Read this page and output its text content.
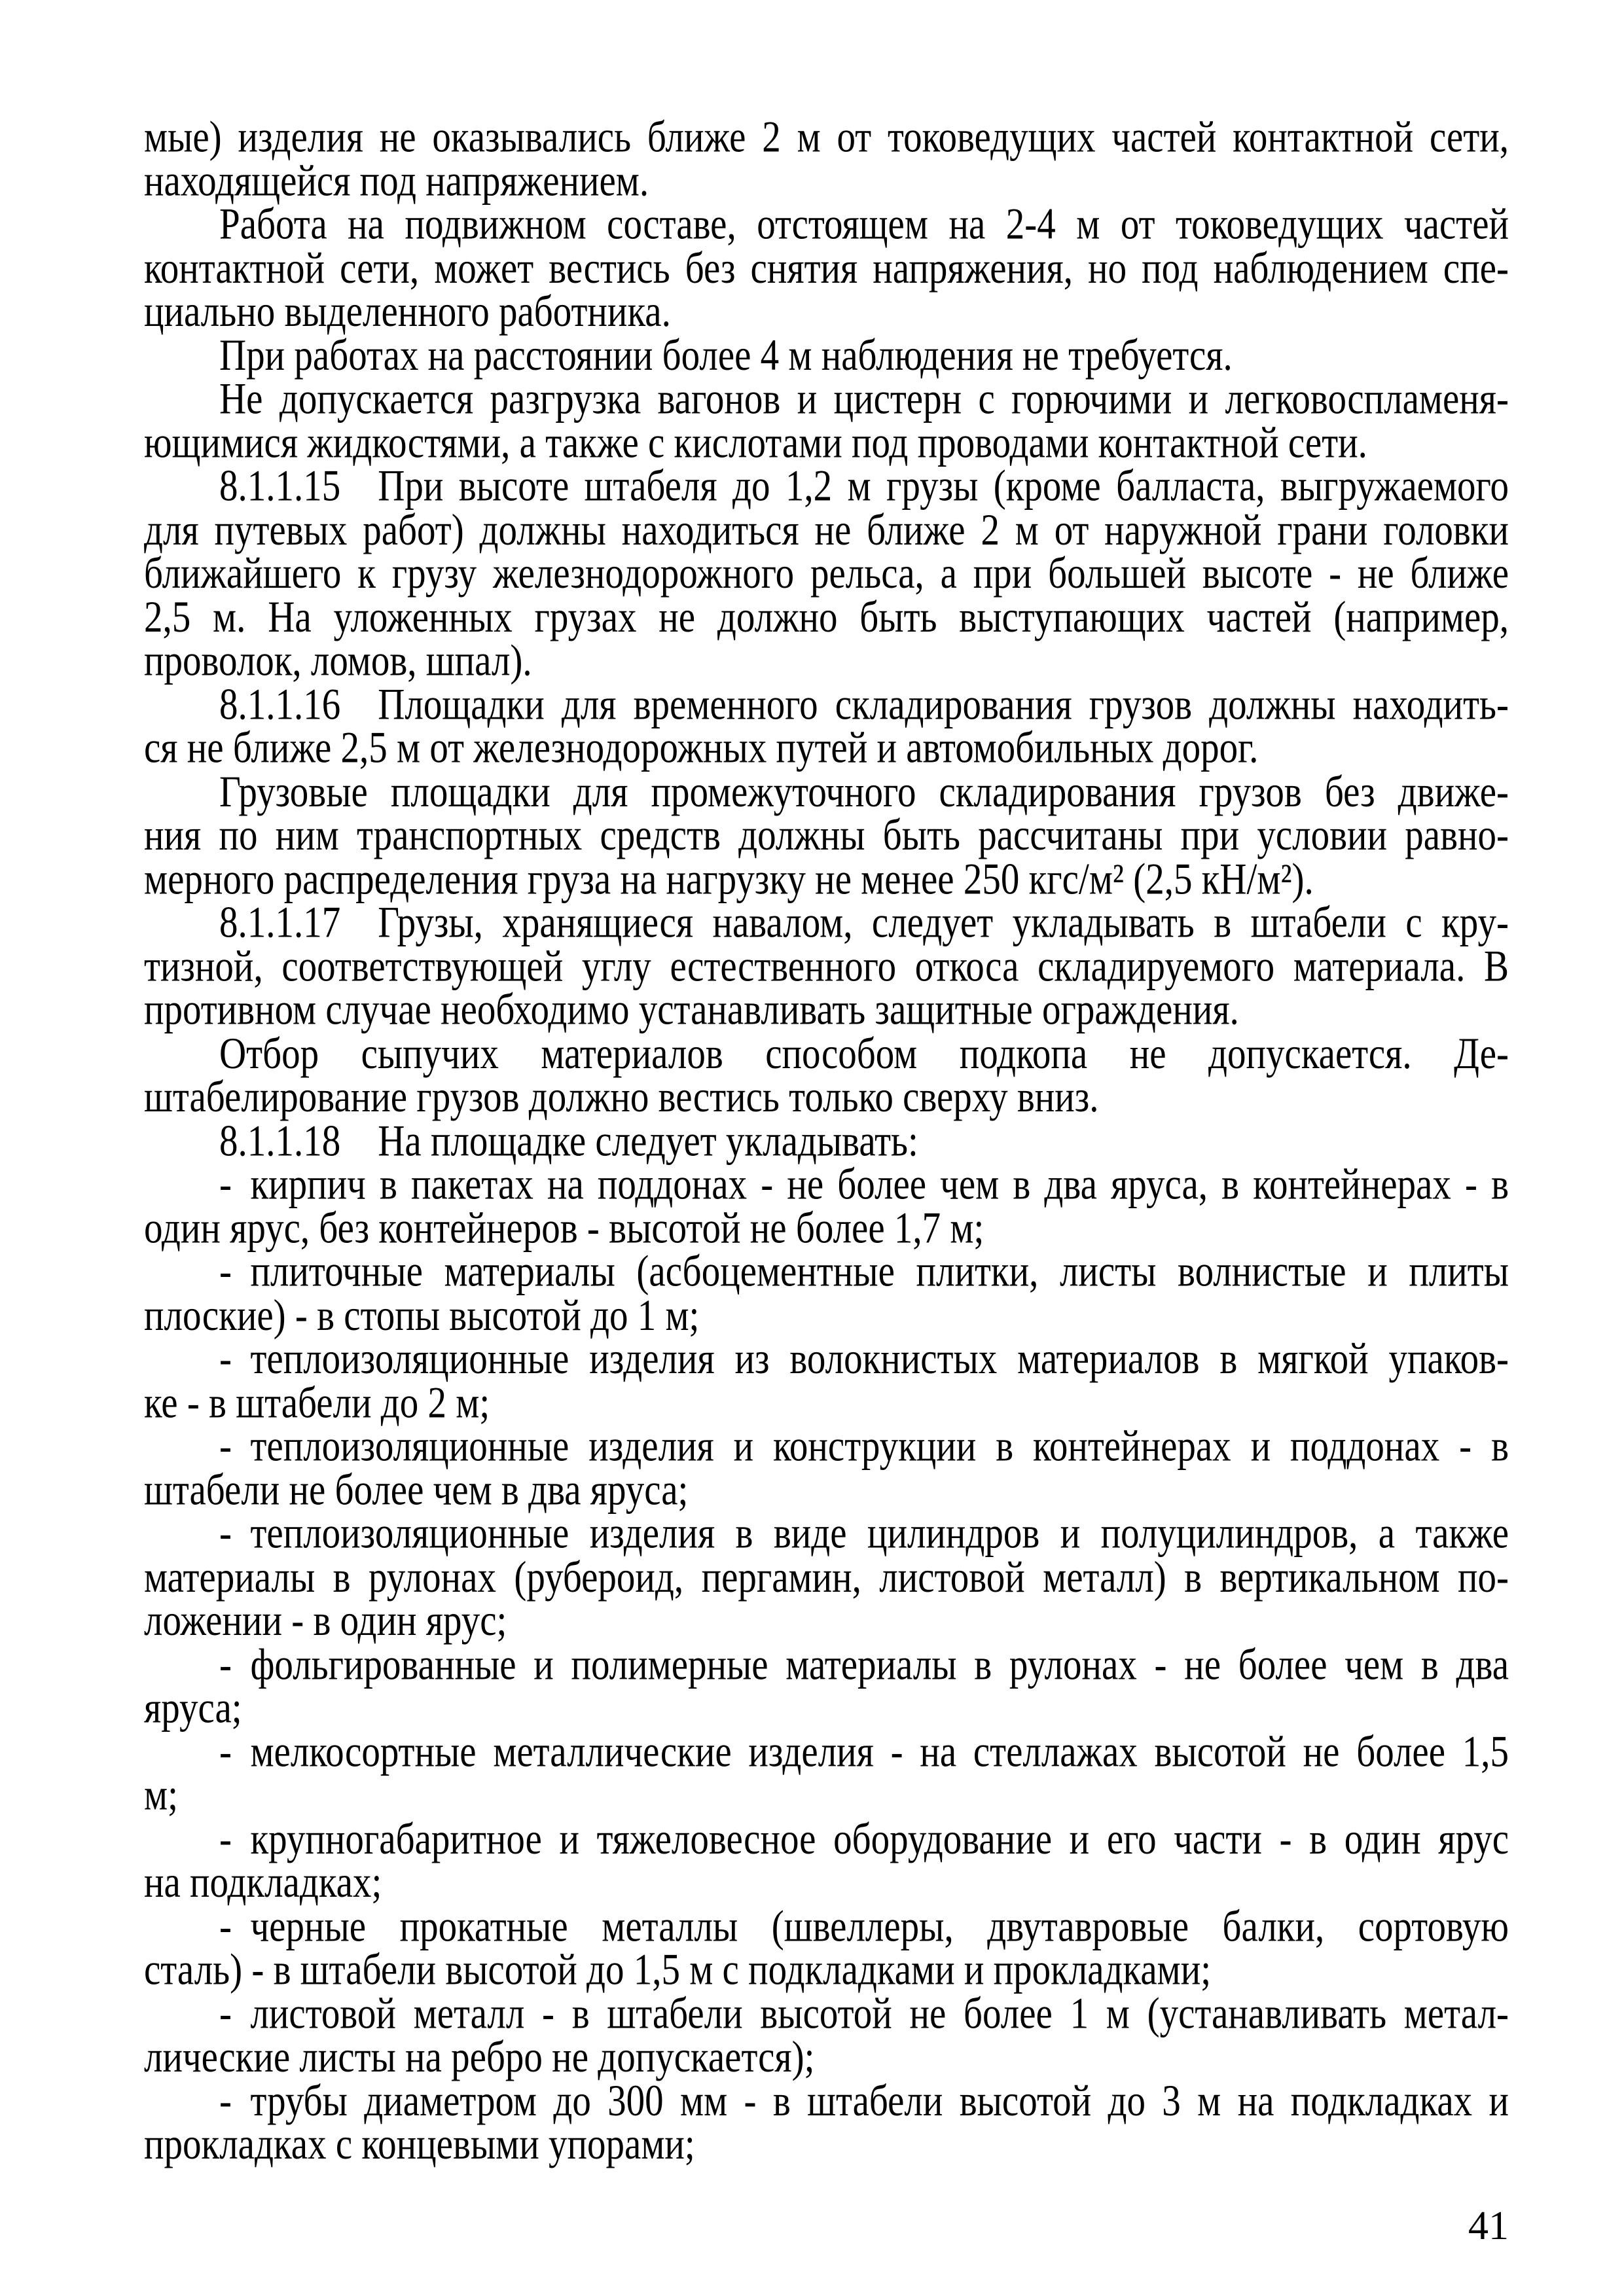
мые) изделия не оказывались ближе 2 м от токоведущих частей контактной сети,
находящейся под напряжением.
Работа на подвижном составе, отстоящем на 2-4 м от токоведущих частей
контактной сети, может вестись без снятия напряжения, но под наблюдением спе-
циально выделенного работника.
При работах на расстоянии более 4 м наблюдения не требуется.
Не допускается разгрузка вагонов и цистерн с горючими и легковоспламеня-
ющимися жидкостями, а также с кислотами под проводами контактной сети.
8.1.1.15  При высоте штабеля до 1,2 м грузы (кроме балласта, выгружаемого
для путевых работ) должны находиться не ближе 2 м от наружной грани головки
ближайшего к грузу железнодорожного рельса, а при большей высоте - не ближе
2,5 м. На уложенных грузах не должно быть выступающих частей (например,
проволок, ломов, шпал).
8.1.1.16  Площадки для временного складирования грузов должны находить-
ся не ближе 2,5 м от железнодорожных путей и автомобильных дорог.
Грузовые площадки для промежуточного складирования грузов без движе-
ния по ним транспортных средств должны быть рассчитаны при условии равно-
мерного распределения груза на нагрузку не менее 250 кгс/м² (2,5 кН/м²).
8.1.1.17  Грузы, хранящиеся навалом, следует укладывать в штабели с кру-
тизной, соответствующей углу естественного откоса складируемого материала. В
противном случае необходимо устанавливать защитные ограждения.
Отбор сыпучих материалов способом подкопа не допускается. Де-
штабелирование грузов должно вестись только сверху вниз.
8.1.1.18  На площадке следует укладывать:
- кирпич в пакетах на поддонах - не более чем в два яруса, в контейнерах - в
один ярус, без контейнеров - высотой не более 1,7 м;
- плиточные материалы (асбоцементные плитки, листы волнистые и плиты
плоские) - в стопы высотой до 1 м;
- теплоизоляционные изделия из волокнистых материалов в мягкой упаков-
ке - в штабели до 2 м;
- теплоизоляционные изделия и конструкции в контейнерах и поддонах - в
штабели не более чем в два яруса;
- теплоизоляционные изделия в виде цилиндров и полуцилиндров, а также
материалы в рулонах (рубероид, пергамин, листовой металл) в вертикальном по-
ложении - в один ярус;
- фольгированные и полимерные материалы в рулонах - не более чем в два
яруса;
- мелкосортные металлические изделия - на стеллажах высотой не более 1,5
м;
- крупногабаритное и тяжеловесное оборудование и его части - в один ярус
на подкладках;
- черные прокатные металлы (швеллеры, двутавровые балки, сортовую
сталь) - в штабели высотой до 1,5 м с подкладками и прокладками;
- листовой металл - в штабели высотой не более 1 м (устанавливать метал-
лические листы на ребро не допускается);
- трубы диаметром до 300 мм - в штабели высотой до 3 м на подкладках и
прокладках с концевыми упорами;
41
